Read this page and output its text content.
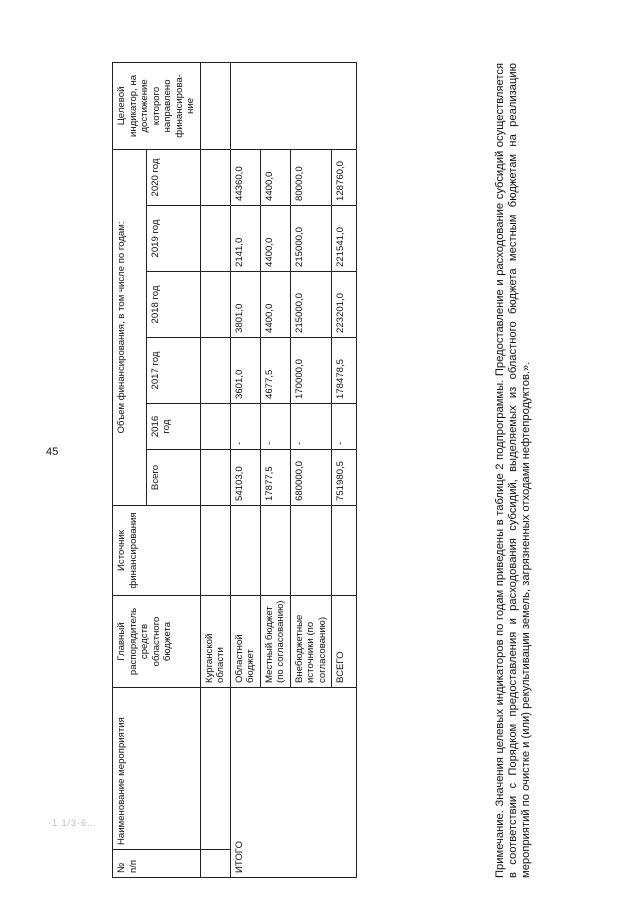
45
·1 1/3·6…
№ п/п	Наименование мероприятия	Главный распорядитель средств областного бюджета	Источник финансирования	Объем финансирования, в том числе по годам:						Целевой индикатор, на достижение которого направлено финансирова-ние
				Всего	2016 год	2017 год	2018 год	2019 год	2020 год	
		Курганской области								
ИТОГО		Областной бюджет		54103,0	-	3601,0	3801,0	2141,0	44360,0	
		Местный бюджет (по согласованию)		17877,5	-	4677,5	4400,0	4400,0	4400,0	
		Внебюджетные источники (по согласованию)		680000,0	-	170000,0	215000,0	215000,0	80000,0	
		ВСЕГО		751980,5	-	178478,5	223201,0	221541,0	128760,0		Примечание. Значения целевых индикаторов по годам приведены в таблице 2 подпрограммы. Предоставление и расходование субсидий осуществляется в соответствии с Порядком предоставления и расходования субсидий, выделяемых из областного бюджета местным бюджетам на реализацию мероприятий по очистке и (или) рекультивации земель, загрязненных отходами нефтепродуктов.».
